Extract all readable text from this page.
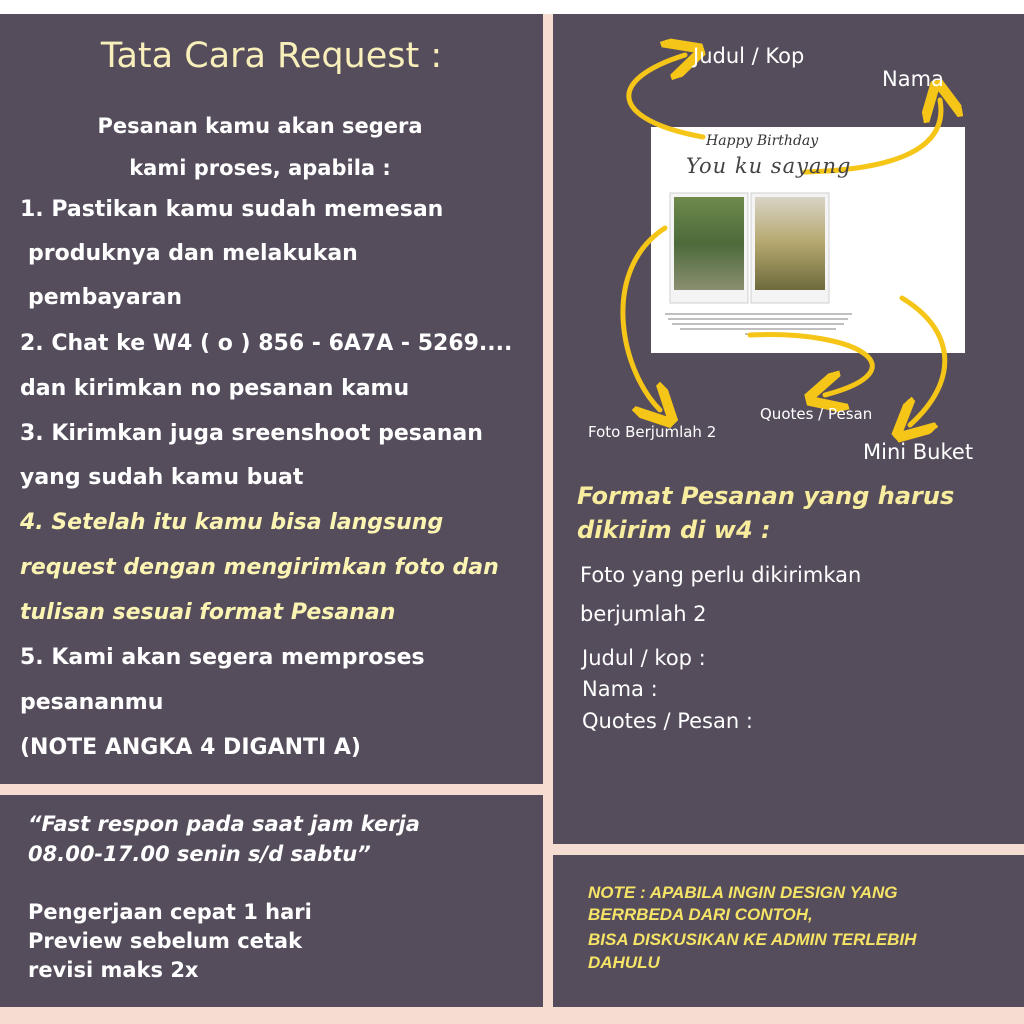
Tata Cara Request :
Pesanan kamu akan segera
kami proses, apabila :
1. Pastikan kamu sudah memesan
produknya dan melakukan
pembayaran
2. Chat ke W4 ( o ) 856 - 6A7A - 5269....
dan kirimkan no pesanan kamu
3. Kirimkan juga sreenshoot pesanan
yang sudah kamu buat
4. Setelah itu kamu bisa langsung
request dengan mengirimkan foto dan
tulisan sesuai format Pesanan
5. Kami akan segera memproses
pesananmu
(NOTE ANGKA 4 DIGANTI A)
“Fast respon pada saat jam kerja
08.00-17.00 senin s/d sabtu”
Pengerjaan cepat 1 hari
Preview sebelum cetak
revisi maks 2x
Happy Birthday
You ku sayang
Judul / Kop
Nama
Foto Berjumlah 2
Quotes / Pesan
Mini Buket
Format Pesanan yang harus
dikirim di w4 :
Foto yang perlu dikirimkan
berjumlah 2
Judul / kop :
Nama :
Quotes / Pesan :
NOTE : APABILA INGIN DESIGN YANG
BERRBEDA DARI CONTOH,
BISA DISKUSIKAN KE ADMIN TERLEBIH
DAHULU
